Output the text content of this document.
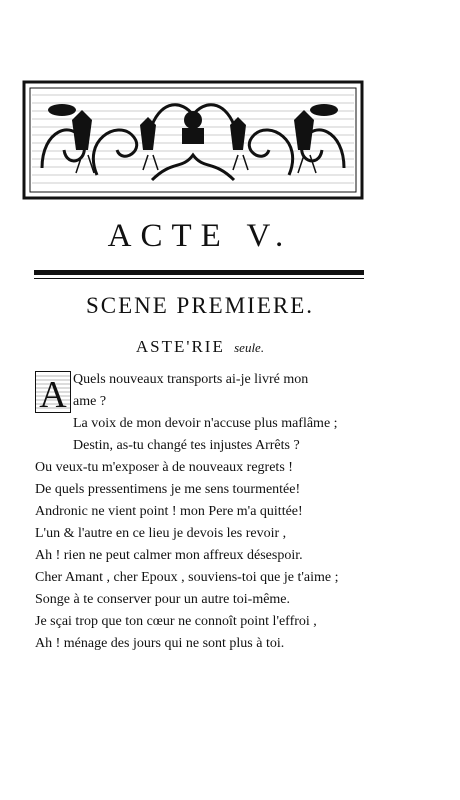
ACTE V.
SCENE PREMIERE.
ASTE'RIE seule.
A Quels nouveaux transports ai-je livré mon
ame ?
La voix de mon devoir n'accuse plus maflâme ;
Destin, as-tu changé tes injustes Arrêts ?
Ou veux-tu m'exposer à de nouveaux regrets !
De quels pressentimens je me sens tourmentée!
Andronic ne vient point ! mon Pere m'a quittée!
L'un & l'autre en ce lieu je devois les revoir ,
Ah ! rien ne peut calmer mon affreux désespoir.
Cher Amant , cher Epoux , souviens-toi que je t'aime ;
Songe à te conserver pour un autre toi-même.
Je sçai trop que ton cœur ne connoît point l'effroi ,
Ah ! ménage des jours qui ne sont plus à toi.
